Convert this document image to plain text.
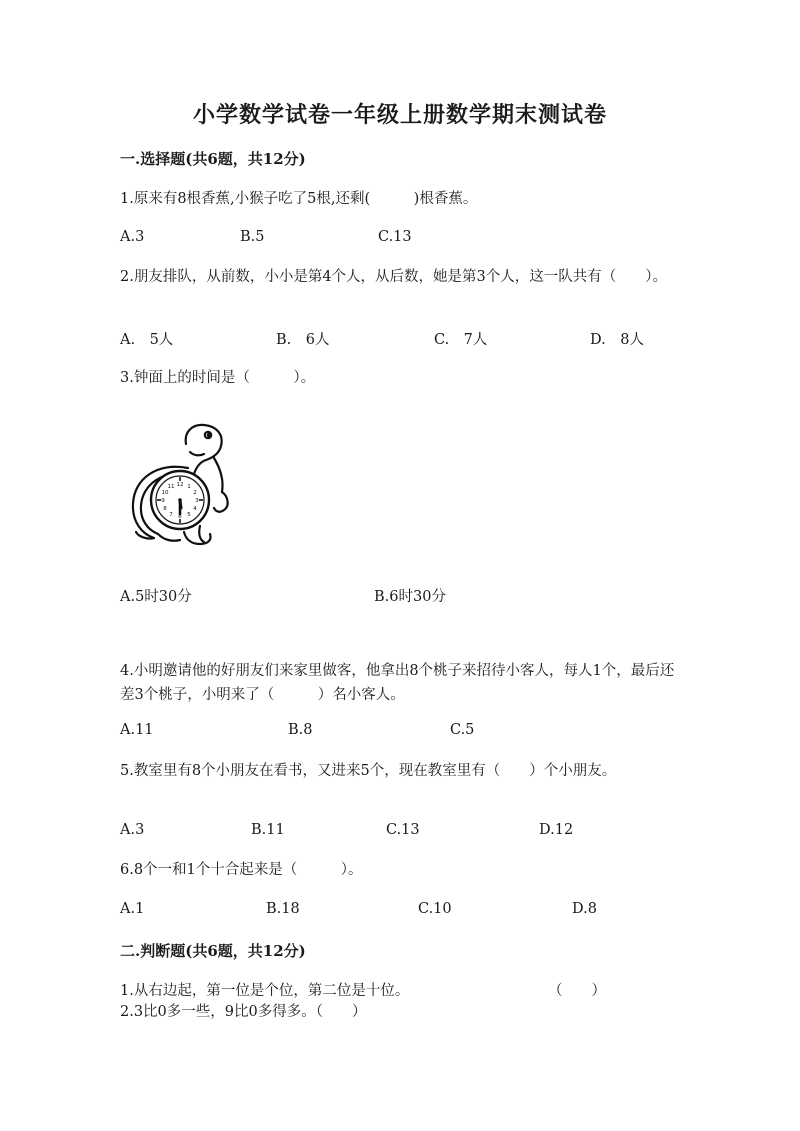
小学数学试卷一年级上册数学期末测试卷
一.选择题(共6题，共12分)
1.原来有8根香蕉,小猴子吃了5根,还剩(　　　)根香蕉。
A.3	B.5	C.13
2.朋友排队，从前数，小小是第4个人，从后数，她是第3个人，这一队共有（　　）。
A.　5人	B.　6人	C.　7人	D.　8人
3.钟面上的时间是（　　　）。
12 1
2
3
4
5
6
7
8
9
10
11
A.5时30分	B.6时30分
4.小明邀请他的好朋友们来家里做客，他拿出8个桃子来招待小客人，每人1个，最后还差3个桃子，小明来了（　　　）名小客人。
A.11	B.8	C.5
5.教室里有8个小朋友在看书，又进来5个，现在教室里有（　　）个小朋友。
A.3	B.11	C.13	D.12
6.8个一和1个十合起来是（　　　）。
A.1	B.18	C.10	D.8
二.判断题(共6题，共12分)
1.从右边起，第一位是个位，第二位是十位。	（　　）
2.3比0多一些，9比0多得多。（　　）
